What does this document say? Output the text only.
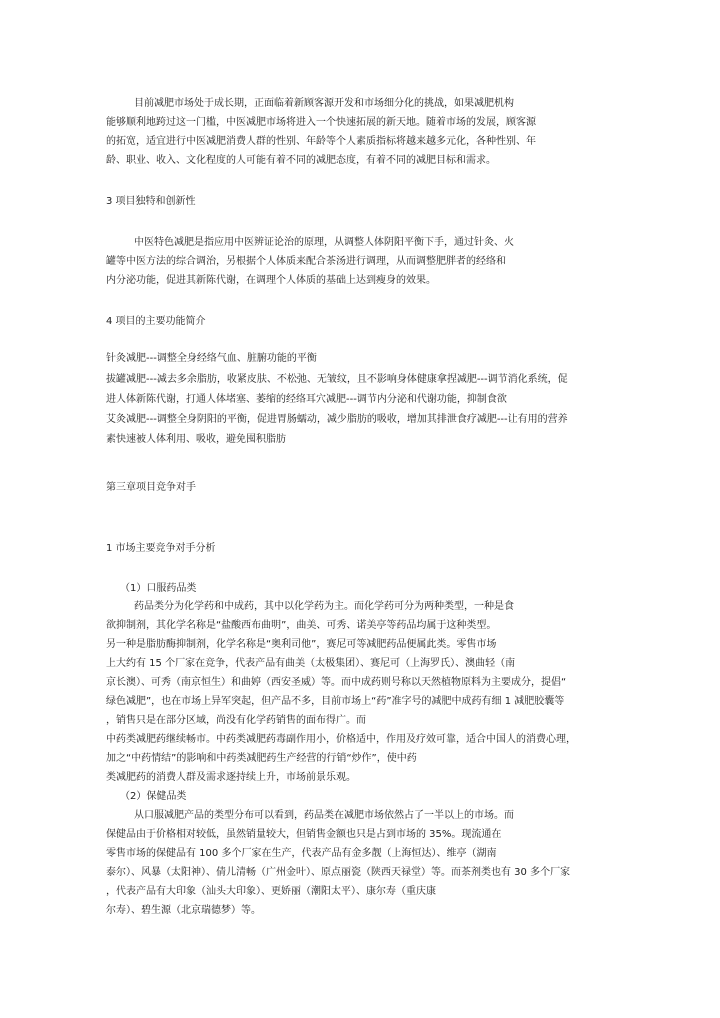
目前减肥市场处于成长期，正面临着新顾客源开发和市场细分化的挑战，如果减肥机构
能够顺利地跨过这一门槛，中医减肥市场将进入一个快速拓展的新天地。随着市场的发展，顾客源
的拓宽，适宜进行中医减肥消费人群的性别、年龄等个人素质指标将越来越多元化，各种性别、年
龄、职业、收入、文化程度的人可能有着不同的减肥态度，有着不同的减肥目标和需求。
3 项目独特和创新性
中医特色减肥是指应用中医辨证论治的原理，从调整人体阴阳平衡下手，通过针灸、火
罐等中医方法的综合调治，另根据个人体质来配合茶汤进行调理，从而调整肥胖者的经络和
内分泌功能，促进其新陈代谢，在调理个人体质的基础上达到瘦身的效果。
4 项目的主要功能简介
针灸减肥---调整全身经络气血、脏腑功能的平衡
拔罐减肥---减去多余脂肪，收紧皮肤、不松弛、无皱纹，且不影响身体健康拿捏减肥---调节消化系统，促
进人体新陈代谢，打通人体堵塞、萎缩的经络耳穴减肥---调节内分泌和代谢功能，抑制食欲
艾灸减肥---调整全身阴阳的平衡，促进胃肠蠕动，减少脂肪的吸收，增加其排泄食疗减肥---让有用的营养
素快速被人体利用、吸收，避免囤积脂肪
第三章项目竞争对手
1 市场主要竞争对手分析
（1）口服药品类
药品类分为化学药和中成药，其中以化学药为主。而化学药可分为两种类型，一种是食
欲抑制剂，其化学名称是“盐酸西布曲明”，曲美、可秀、诺美亭等药品均属于这种类型。
另一种是脂肪酶抑制剂，化学名称是“奥利司他”，赛尼可等减肥药品便属此类。零售市场
上大约有 15 个厂家在竞争，代表产品有曲美（太极集团）、赛尼可（上海罗氏）、澳曲轻（南
京长澳）、可秀（南京恒生）和曲婷（西安圣威）等。而中成药则号称以天然植物原料为主要成分，提倡“
绿色减肥”，也在市场上异军突起，但产品不多，目前市场上“药”准字号的减肥中成药有细 1 减肥胶囊等
，销售只是在部分区域，尚没有化学药销售的面布得广。而
中药类减肥药继续畅市。中药类减肥药毒副作用小，价格适中，作用及疗效可靠，适合中国人的消费心理，
加之“中药情结”的影响和中药类减肥药生产经营的行销“炒作”，使中药
类减肥药的消费人群及需求逐持续上升，市场前景乐观。
（2）保健品类
从口服减肥产品的类型分布可以看到，药品类在减肥市场依然占了一半以上的市场。而
保健品由于价格相对较低，虽然销量较大，但销售金额也只是占到市场的 35%。现流通在
零售市场的保健品有 100 多个厂家在生产，代表产品有金多靓（上海恒达）、维亭（湖南
泰尔）、风暴（太阳神）、倩儿清畅（广州金叶）、原点丽瓷（陕西天禄堂）等。而茶剂类也有 30 多个厂家
，代表产品有大印象（汕头大印象）、更娇丽（潮阳太平）、康尔寿（重庆康
尔寿）、碧生源（北京瑞德梦）等。
